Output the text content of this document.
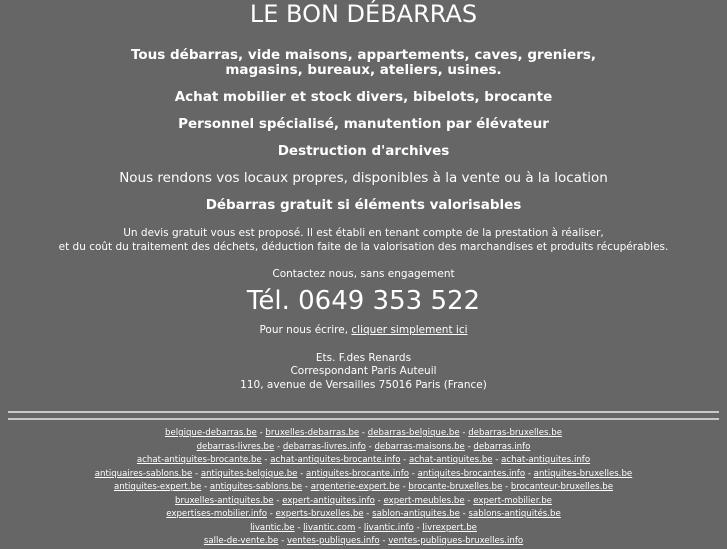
LE BON DÉBARRAS
Tous débarras, vide maisons, appartements, caves, greniers,
magasins, bureaux, ateliers, usines.
Achat mobilier et stock divers, bibelots, brocante
Personnel spécialisé, manutention par élévateur
Destruction d'archives
Nous rendons vos locaux propres, disponibles à la vente ou à la location
Débarras gratuit si éléments valorisables
Un devis gratuit vous est proposé. Il est établi en tenant compte de la prestation à réaliser,
et du coût du traitement des déchets, déduction faite de la valorisation des marchandises et produits récupérables.
Contactez nous, sans engagement
Tél. 0649 353 522
Pour nous écrire, cliquer simplement ici
Ets. F.des Renards
Correspondant Paris Auteuil
110, avenue de Versailles 75016 Paris (France)
belgique-debarras.be - bruxelles-debarras.be - debarras-belgique.be - debarras-bruxelles.be
debarras-livres.be - debarras-livres.info - debarras-maisons.be - debarras.info
achat-antiquites-brocante.be - achat-antiquites-brocante.info - achat-antiquites.be - achat-antiquites.info
antiquaires-sablons.be - antiquites-belgique.be - antiquites-brocante.info - antiquites-brocantes.info - antiquites-bruxelles.be
antiquites-expert.be - antiquites-sablons.be - argenterie-expert.be - brocante-bruxelles.be - brocanteur-bruxelles.be
bruxelles-antiquites.be - expert-antiquites.info - expert-meubles.be - expert-mobilier.be
expertises-mobilier.info - experts-bruxelles.be - sablon-antiquites.be - sablons-antiquités.be
livantic.be - livantic.com - livantic.info - livrexpert.be
salle-de-vente.be - ventes-publiques.info - ventes-publiques-bruxelles.info
